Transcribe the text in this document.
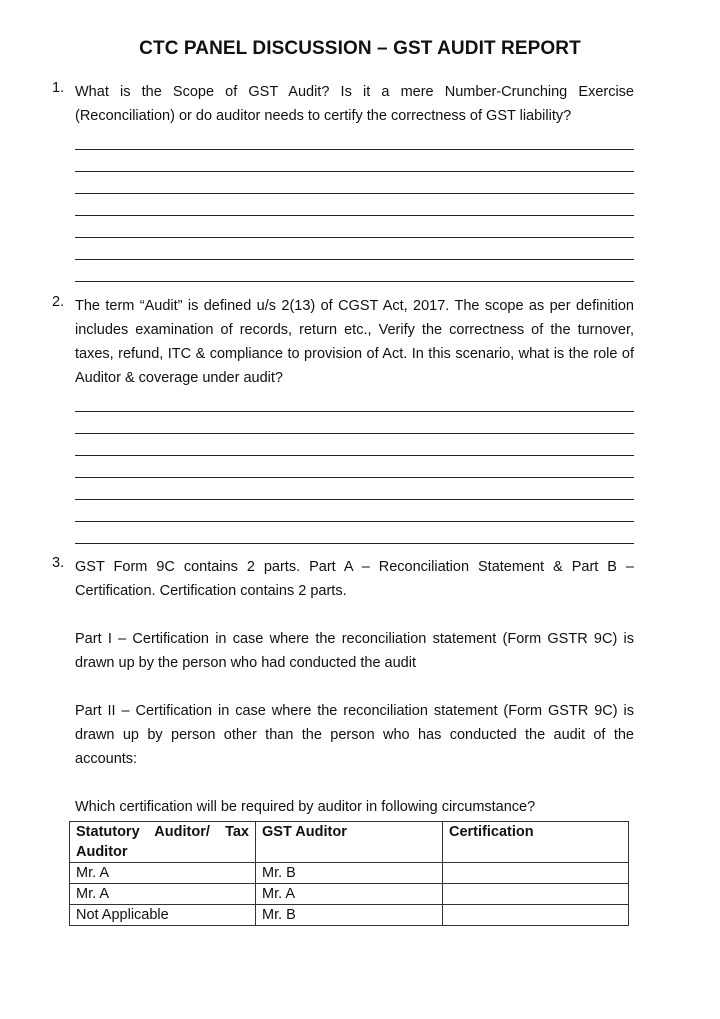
CTC PANEL DISCUSSION – GST AUDIT REPORT
1. What is the Scope of GST Audit? Is it a mere Number-Crunching Exercise (Reconciliation) or do auditor needs to certify the correctness of GST liability?

2. The term “Audit” is defined u/s 2(13) of CGST Act, 2017. The scope as per definition includes examination of records, return etc., Verify the correctness of the turnover, taxes, refund, ITC & compliance to provision of Act. In this scenario, what is the role of Auditor & coverage under audit?

3. GST Form 9C contains 2 parts. Part A – Reconciliation Statement & Part B – Certification. Certification contains 2 parts.

Part I – Certification in case where the reconciliation statement (Form GSTR 9C) is drawn up by the person who had conducted the audit

Part II – Certification in case where the reconciliation statement (Form GSTR 9C) is drawn up by person other than the person who has conducted the audit of the accounts:

Which certification will be required by auditor in following circumstance?

Statutory Auditor/ Tax Auditor	GST Auditor	Certification
Mr. A	Mr. B	
Mr. A	Mr. A	
Not Applicable	Mr. B	
